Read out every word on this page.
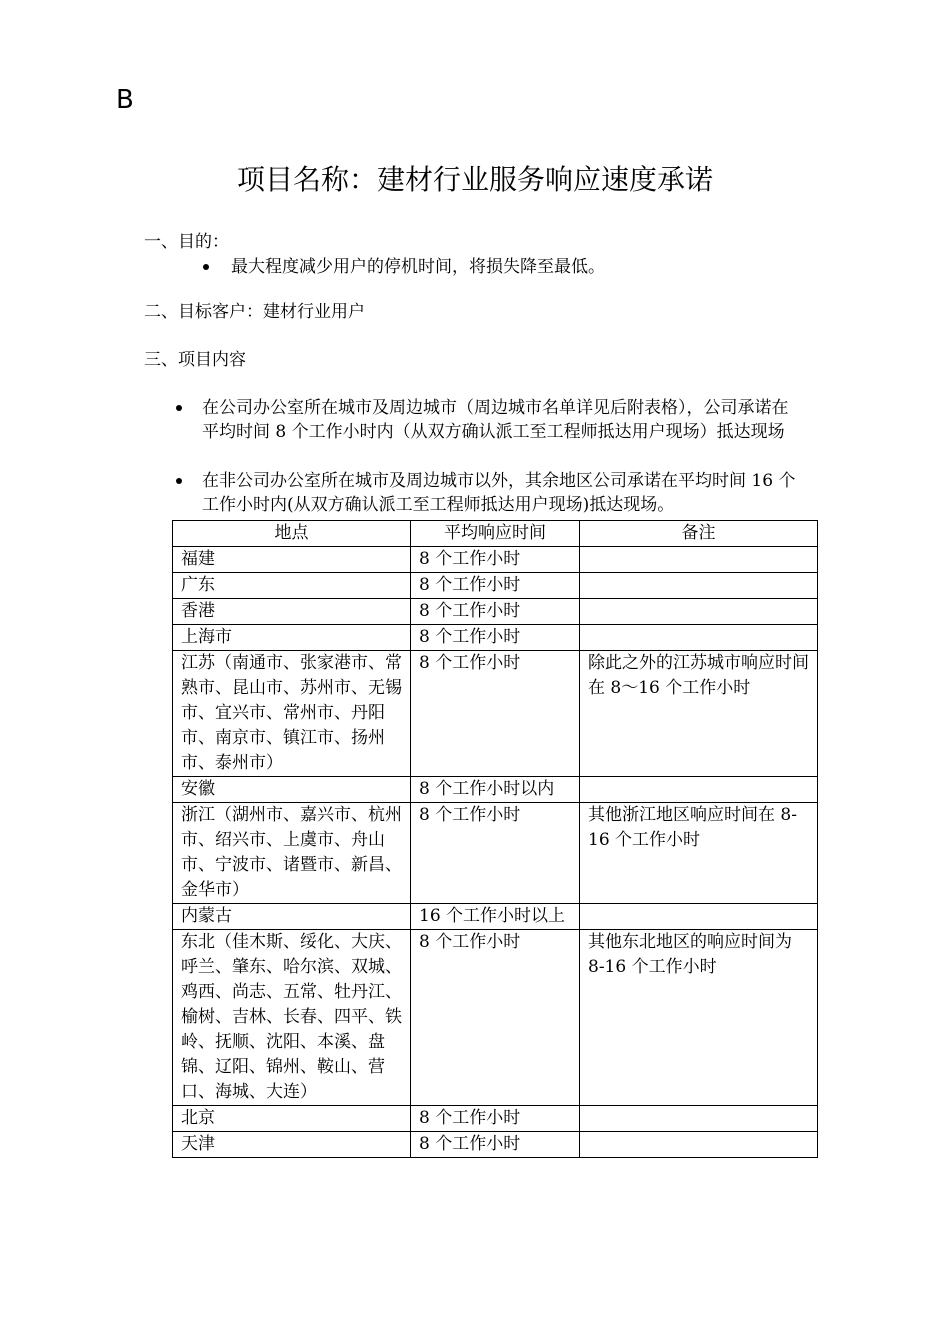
B
项目名称：建材行业服务响应速度承诺
一、目的：
最大程度减少用户的停机时间，将损失降至最低。
二、目标客户：建材行业用户
三、项目内容
在公司办公室所在城市及周边城市（周边城市名单详见后附表格），公司承诺在平均时间 8 个工作小时内（从双方确认派工至工程师抵达用户现场）抵达现场
在非公司办公室所在城市及周边城市以外，其余地区公司承诺在平均时间 16 个工作小时内(从双方确认派工至工程师抵达用户现场)抵达现场。
地点	平均响应时间	备注
福建	8 个工作小时	
广东	8 个工作小时	
香港	8 个工作小时	
上海市	8 个工作小时	
江苏（南通市、张家港市、常熟市、昆山市、苏州市、无锡市、宜兴市、常州市、丹阳市、南京市、镇江市、扬州市、泰州市）	8 个工作小时	除此之外的江苏城市响应时间在 8～16 个工作小时
安徽	8 个工作小时以内	
浙江（湖州市、嘉兴市、杭州市、绍兴市、上虞市、舟山市、宁波市、诸暨市、新昌、金华市）	8 个工作小时	其他浙江地区响应时间在 8-16 个工作小时
内蒙古	16 个工作小时以上	
东北（佳木斯、绥化、大庆、呼兰、肇东、哈尔滨、双城、鸡西、尚志、五常、牡丹江、榆树、吉林、长春、四平、铁岭、抚顺、沈阳、本溪、盘锦、辽阳、锦州、鞍山、营口、海城、大连）	8 个工作小时	其他东北地区的响应时间为 8-16 个工作小时
北京	8 个工作小时	
天津	8 个工作小时	
